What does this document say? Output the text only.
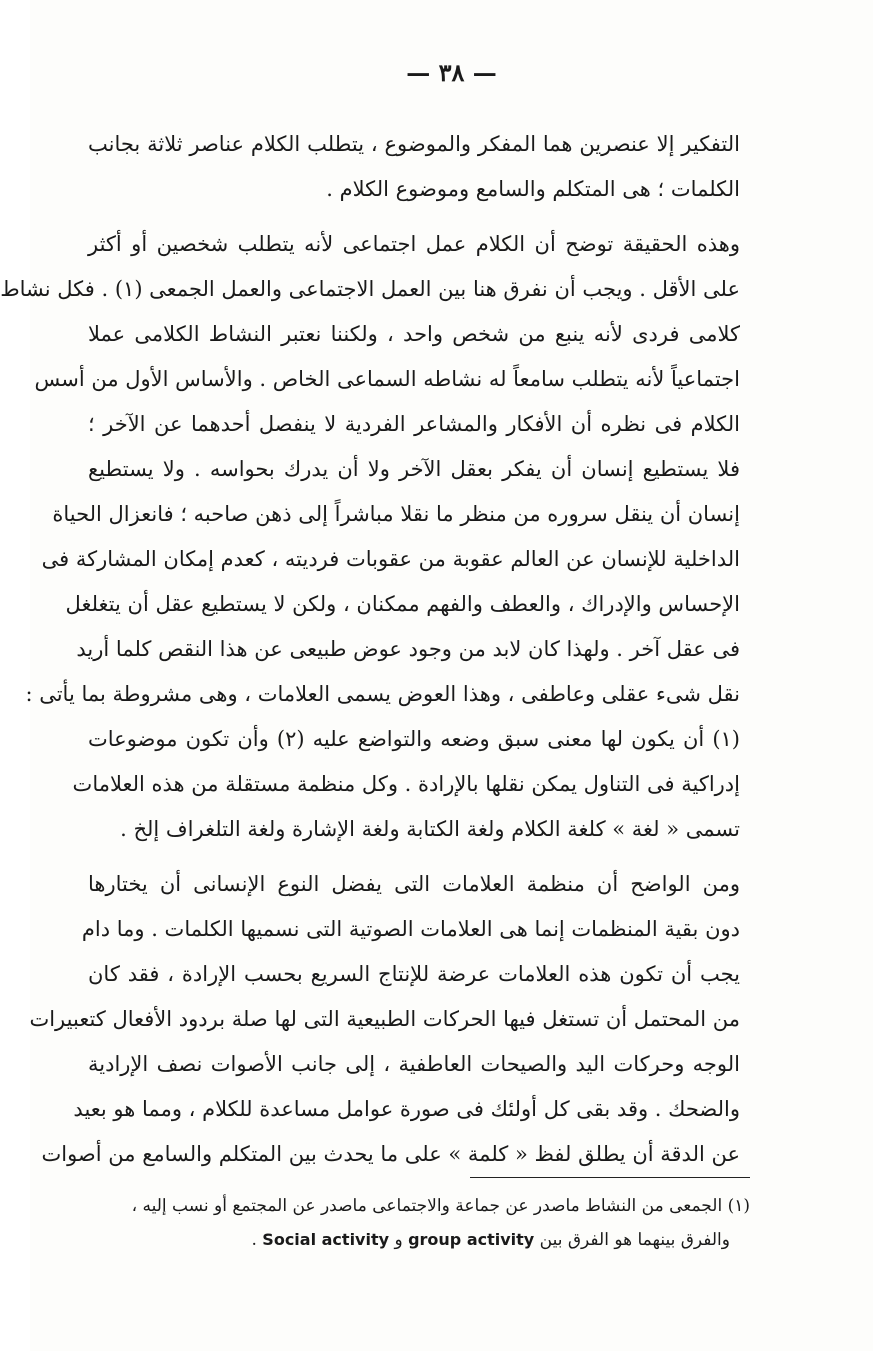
— ٣٨ —
التفكير إلا عنصرين هما المفكر والموضوع ، يتطلب الكلام عناصر ثلاثة بجانب
الكلمات ؛ هى المتكلم والسامع وموضوع الكلام .
وهذه الحقيقة توضح أن الكلام عمل اجتماعى لأنه يتطلب شخصين أو أكثر
على الأقل . ويجب أن نفرق هنا بين العمل الاجتماعى والعمل الجمعى (١) . فكل نشاط
كلامى فردى لأنه ينبع من شخص واحد ، ولكننا نعتبر النشاط الكلامى عملا
اجتماعياً لأنه يتطلب سامعاً له نشاطه السماعى الخاص . والأساس الأول من أسس
الكلام فى نظره أن الأفكار والمشاعر الفردية لا ينفصل أحدهما عن الآخر ؛
فلا يستطيع إنسان أن يفكر بعقل الآخر ولا أن يدرك بحواسه . ولا يستطيع
إنسان أن ينقل سروره من منظر ما نقلا مباشراً إلى ذهن صاحبه ؛ فانعزال الحياة
الداخلية للإنسان عن العالم عقوبة من عقوبات فرديته ، كعدم إمكان المشاركة فى
الإحساس والإدراك ، والعطف والفهم ممكنان ، ولكن لا يستطيع عقل أن يتغلغل
فى عقل آخر . ولهذا كان لابد من وجود عوض طبيعى عن هذا النقص كلما أريد
نقل شىء عقلى وعاطفى ، وهذا العوض يسمى العلامات ، وهى مشروطة بما يأتى :
(١) أن يكون لها معنى سبق وضعه والتواضع عليه (٢) وأن تكون موضوعات
إدراكية فى التناول يمكن نقلها بالإرادة . وكل منظمة مستقلة من هذه العلامات
تسمى « لغة » كلغة الكلام ولغة الكتابة ولغة الإشارة ولغة التلغراف إلخ .
ومن الواضح أن منظمة العلامات التى يفضل النوع الإنسانى أن يختارها
دون بقية المنظمات إنما هى العلامات الصوتية التى نسميها الكلمات . وما دام
يجب أن تكون هذه العلامات عرضة للإنتاج السريع بحسب الإرادة ، فقد كان
من المحتمل أن تستغل فيها الحركات الطبيعية التى لها صلة بردود الأفعال كتعبيرات
الوجه وحركات اليد والصيحات العاطفية ، إلى جانب الأصوات نصف الإرادية
والضحك . وقد بقى كل أولئك فى صورة عوامل مساعدة للكلام ، ومما هو بعيد
عن الدقة أن يطلق لفظ « كلمة » على ما يحدث بين المتكلم والسامع من أصوات
(١) الجمعى من النشاط ماصدر عن جماعة والاجتماعى ماصدر عن المجتمع أو نسب إليه ،
والفرق بينهما هو الفرق بين group activity و Social activity .
